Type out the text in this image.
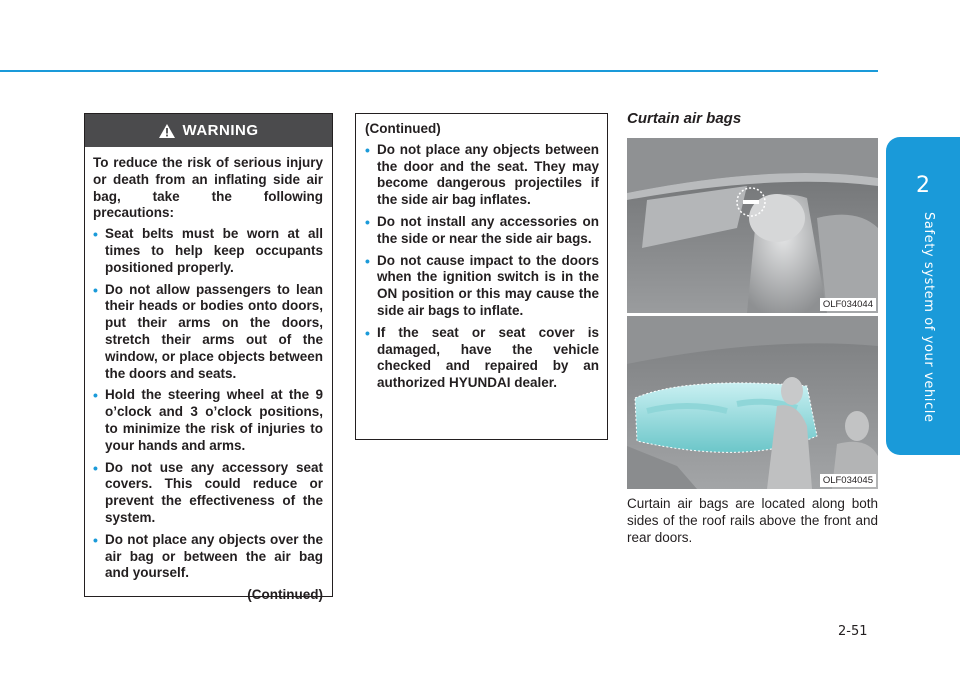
2
Safety system of your vehicle
WARNING

To reduce the risk of serious injury or death from an inflating side air bag, take the following precautions:

• Seat belts must be worn at all times to help keep occupants positioned properly.
• Do not allow passengers to lean their heads or bodies onto doors, put their arms on the doors, stretch their arms out of the window, or place objects between the doors and seats.
• Hold the steering wheel at the 9 o’clock and 3 o’clock positions, to minimize the risk of injuries to your hands and arms.
• Do not use any accessory seat covers. This could reduce or prevent the effectiveness of the system.
• Do not place any objects over the air bag or between the air bag and yourself.
(Continued)
(Continued)
• Do not place any objects between the door and the seat. They may become dangerous projectiles if the side air bag inflates.
• Do not install any accessories on the side or near the side air bags.
• Do not cause impact to the doors when the ignition switch is in the ON position or this may cause the side air bags to inflate.
• If the seat or seat cover is damaged, have the vehicle checked and repaired by an authorized HYUNDAI dealer.
Curtain air bags
OLF034044
OLF034045
Curtain air bags are located along both sides of the roof rails above the front and rear doors.
2-51
